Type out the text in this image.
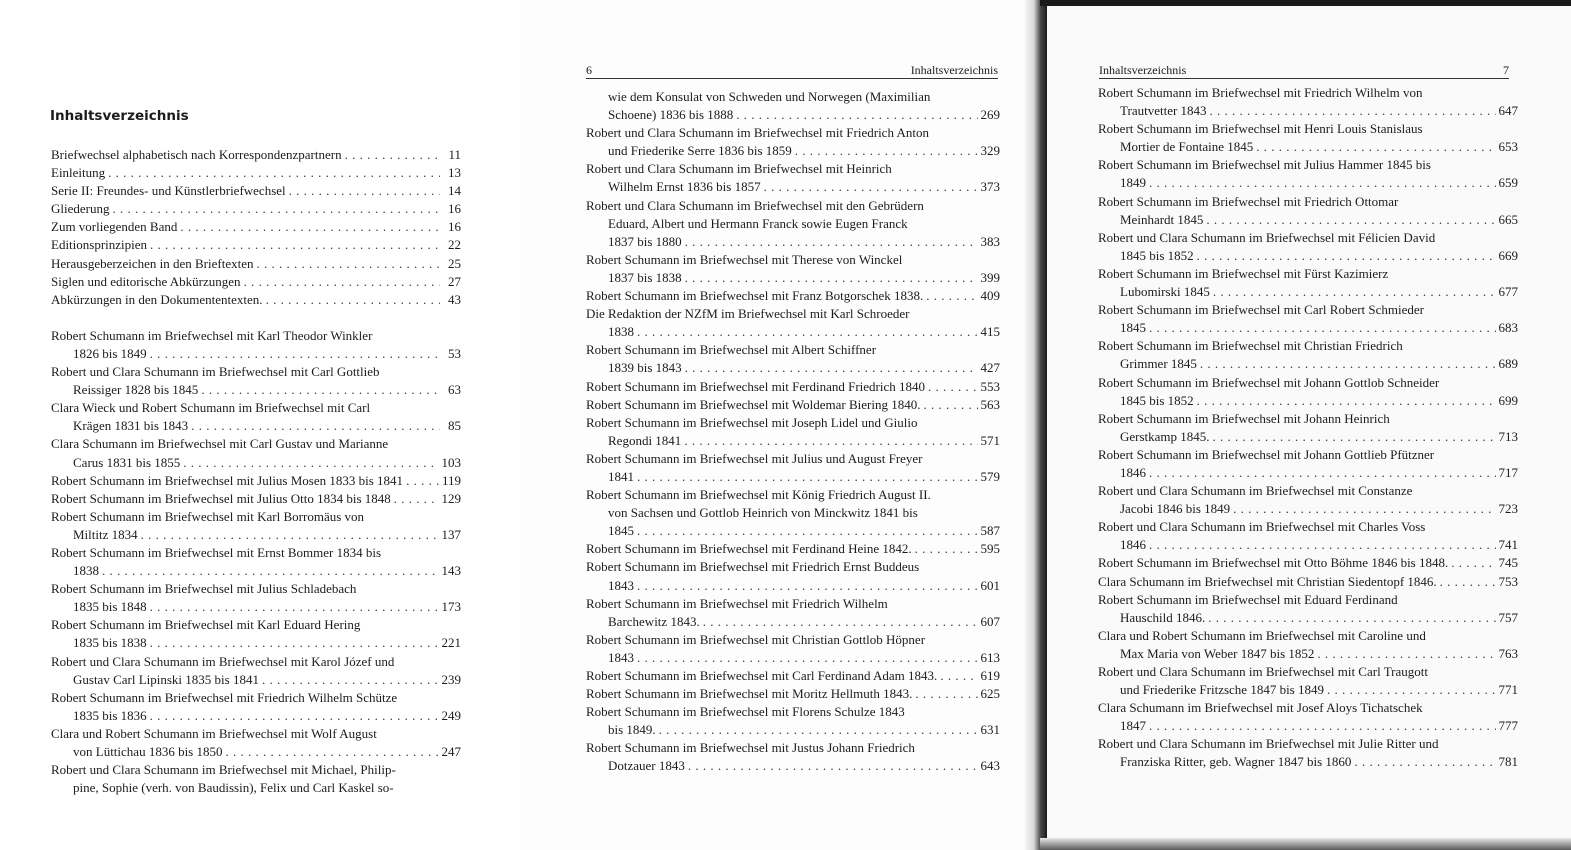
Inhaltsverzeichnis
Briefwechsel alphabetisch nach Korrespondenzpartnern . . .	11
Einleitung . . .	13
Serie II: Freundes- und Künstlerbriefwechsel . . .	14
Gliederung . . .	16
Zum vorliegenden Band . . .	16
Editionsprinzipien . . .	22
Herausgeberzeichen in den Brieftexten . . .	25
Siglen und editorische Abkürzungen . . .	27
Abkürzungen in den Dokumententexten. . . .	43
Robert Schumann im Briefwechsel mit Karl Theodor Winkler
1826 bis 1849 . . .	53
Robert und Clara Schumann im Briefwechsel mit Carl Gottlieb
Reissiger 1828 bis 1845 . . .	63
Clara Wieck und Robert Schumann im Briefwechsel mit Carl
Krägen 1831 bis 1843 . . .	85
Clara Schumann im Briefwechsel mit Carl Gustav und Marianne
Carus 1831 bis 1855 . . .	103
Robert Schumann im Briefwechsel mit Julius Mosen 1833 bis 1841 . . .	119
Robert Schumann im Briefwechsel mit Julius Otto 1834 bis 1848 . . .	129
Robert Schumann im Briefwechsel mit Karl Borromäus von
Miltitz 1834 . . .	137
Robert Schumann im Briefwechsel mit Ernst Bommer 1834 bis
1838 . . .	143
Robert Schumann im Briefwechsel mit Julius Schladebach
1835 bis 1848 . . .	173
Robert Schumann im Briefwechsel mit Karl Eduard Hering
1835 bis 1838 . . .	221
Robert und Clara Schumann im Briefwechsel mit Karol Józef und
Gustav Carl Lipinski 1835 bis 1841 . . .	239
Robert Schumann im Briefwechsel mit Friedrich Wilhelm Schütze
1835 bis 1836 . . .	249
Clara und Robert Schumann im Briefwechsel mit Wolf August
von Lüttichau 1836 bis 1850 . . .	247
Robert und Clara Schumann im Briefwechsel mit Michael, Philip-
pine, Sophie (verh. von Baudissin), Felix und Carl Kaskel so-
6	Inhaltsverzeichnis
wie dem Konsulat von Schweden und Norwegen (Maximilian
Schoene) 1836 bis 1888 . . .	269
Robert und Clara Schumann im Briefwechsel mit Friedrich Anton
und Friederike Serre 1836 bis 1859 . . .	329
Robert und Clara Schumann im Briefwechsel mit Heinrich
Wilhelm Ernst 1836 bis 1857 . . .	373
Robert und Clara Schumann im Briefwechsel mit den Gebrüdern
Eduard, Albert und Hermann Franck sowie Eugen Franck
1837 bis 1880 . . .	383
Robert Schumann im Briefwechsel mit Therese von Winckel
1837 bis 1838 . . .	399
Robert Schumann im Briefwechsel mit Franz Botgorschek 1838. . . .	409
Die Redaktion der NZfM im Briefwechsel mit Karl Schroeder
1838 . . .	415
Robert Schumann im Briefwechsel mit Albert Schiffner
1839 bis 1843 . . .	427
Robert Schumann im Briefwechsel mit Ferdinand Friedrich 1840 . . .	553
Robert Schumann im Briefwechsel mit Woldemar Biering 1840. . . .	563
Robert Schumann im Briefwechsel mit Joseph Lidel und Giulio
Regondi 1841 . . .	571
Robert Schumann im Briefwechsel mit Julius und August Freyer
1841 . . .	579
Robert Schumann im Briefwechsel mit König Friedrich August II.
von Sachsen und Gottlob Heinrich von Minckwitz 1841 bis
1845 . . .	587
Robert Schumann im Briefwechsel mit Ferdinand Heine 1842. . . .	595
Robert Schumann im Briefwechsel mit Friedrich Ernst Buddeus
1843 . . .	601
Robert Schumann im Briefwechsel mit Friedrich Wilhelm
Barchewitz 1843. . . .	607
Robert Schumann im Briefwechsel mit Christian Gottlob Höpner
1843 . . .	613
Robert Schumann im Briefwechsel mit Carl Ferdinand Adam 1843. . . .	619
Robert Schumann im Briefwechsel mit Moritz Hellmuth 1843. . . .	625
Robert Schumann im Briefwechsel mit Florens Schulze 1843
bis 1849. . . .	631
Robert Schumann im Briefwechsel mit Justus Johann Friedrich
Dotzauer 1843 . . .	643
Inhaltsverzeichnis	7
Robert Schumann im Briefwechsel mit Friedrich Wilhelm von
Trautvetter 1843 . . .	647
Robert Schumann im Briefwechsel mit Henri Louis Stanislaus
Mortier de Fontaine 1845 . . .	653
Robert Schumann im Briefwechsel mit Julius Hammer 1845 bis
1849 . . .	659
Robert Schumann im Briefwechsel mit Friedrich Ottomar
Meinhardt 1845 . . .	665
Robert und Clara Schumann im Briefwechsel mit Félicien David
1845 bis 1852 . . .	669
Robert Schumann im Briefwechsel mit Fürst Kazimierz
Lubomirski 1845 . . .	677
Robert Schumann im Briefwechsel mit Carl Robert Schmieder
1845 . . .	683
Robert Schumann im Briefwechsel mit Christian Friedrich
Grimmer 1845 . . .	689
Robert Schumann im Briefwechsel mit Johann Gottlob Schneider
1845 bis 1852 . . .	699
Robert Schumann im Briefwechsel mit Johann Heinrich
Gerstkamp 1845. . . .	713
Robert Schumann im Briefwechsel mit Johann Gottlieb Pfützner
1846 . . .	717
Robert und Clara Schumann im Briefwechsel mit Constanze
Jacobi 1846 bis 1849 . . .	723
Robert und Clara Schumann im Briefwechsel mit Charles Voss
1846 . . .	741
Robert Schumann im Briefwechsel mit Otto Böhme 1846 bis 1848. . . .	745
Clara Schumann im Briefwechsel mit Christian Siedentopf 1846. . . .	753
Robert Schumann im Briefwechsel mit Eduard Ferdinand
Hauschild 1846. . . .	757
Clara und Robert Schumann im Briefwechsel mit Caroline und
Max Maria von Weber 1847 bis 1852 . . .	763
Robert und Clara Schumann im Briefwechsel mit Carl Traugott
und Friederike Fritzsche 1847 bis 1849 . . .	771
Clara Schumann im Briefwechsel mit Josef Aloys Tichatschek
1847 . . .	777
Robert und Clara Schumann im Briefwechsel mit Julie Ritter und
Franziska Ritter, geb. Wagner 1847 bis 1860 . . .	781
